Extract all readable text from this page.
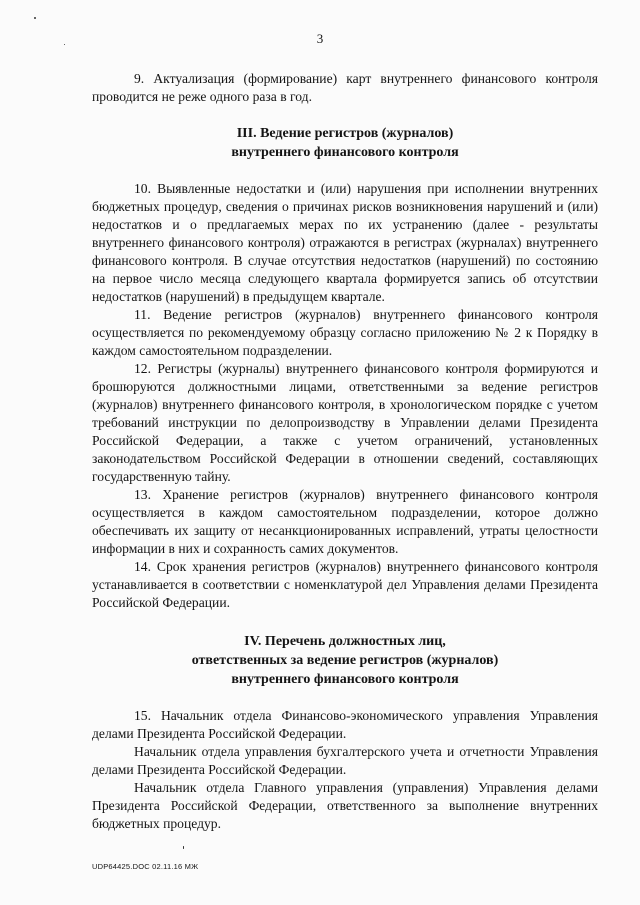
3

9. Актуализация (формирование) карт внутреннего финансового контроля проводится не реже одного раза в год.

III. Ведение регистров (журналов)
внутреннего финансового контроля

10. Выявленные недостатки и (или) нарушения при исполнении внутренних бюджетных процедур, сведения о причинах рисков возникновения нарушений и (или) недостатков и о предлагаемых мерах по их устранению (далее - результаты внутреннего финансового контроля) отражаются в регистрах (журналах) внутреннего финансового контроля. В случае отсутствия недостатков (нарушений) по состоянию на первое число месяца следующего квартала формируется запись об отсутствии недостатков (нарушений) в предыдущем квартале.

11. Ведение регистров (журналов) внутреннего финансового контроля осуществляется по рекомендуемому образцу согласно приложению № 2 к Порядку в каждом самостоятельном подразделении.

12. Регистры (журналы) внутреннего финансового контроля формируются и брошюруются должностными лицами, ответственными за ведение регистров (журналов) внутреннего финансового контроля, в хронологическом порядке с учетом требований инструкции по делопроизводству в Управлении делами Президента Российской Федерации, а также с учетом ограничений, установленных законодательством Российской Федерации в отношении сведений, составляющих государственную тайну.

13. Хранение регистров (журналов) внутреннего финансового контроля осуществляется в каждом самостоятельном подразделении, которое должно обеспечивать их защиту от несанкционированных исправлений, утраты целостности информации в них и сохранность самих документов.

14. Срок хранения регистров (журналов) внутреннего финансового контроля устанавливается в соответствии с номенклатурой дел Управления делами Президента Российской Федерации.

IV. Перечень должностных лиц,
ответственных за ведение регистров (журналов)
внутреннего финансового контроля

15. Начальник отдела Финансово-экономического управления Управления делами Президента Российской Федерации.

Начальник отдела управления бухгалтерского учета и отчетности Управления делами Президента Российской Федерации.

Начальник отдела Главного управления (управления) Управления делами Президента Российской Федерации, ответственного за выполнение внутренних бюджетных процедур.

UDP64425.DOC 02.11.16 МЖ
